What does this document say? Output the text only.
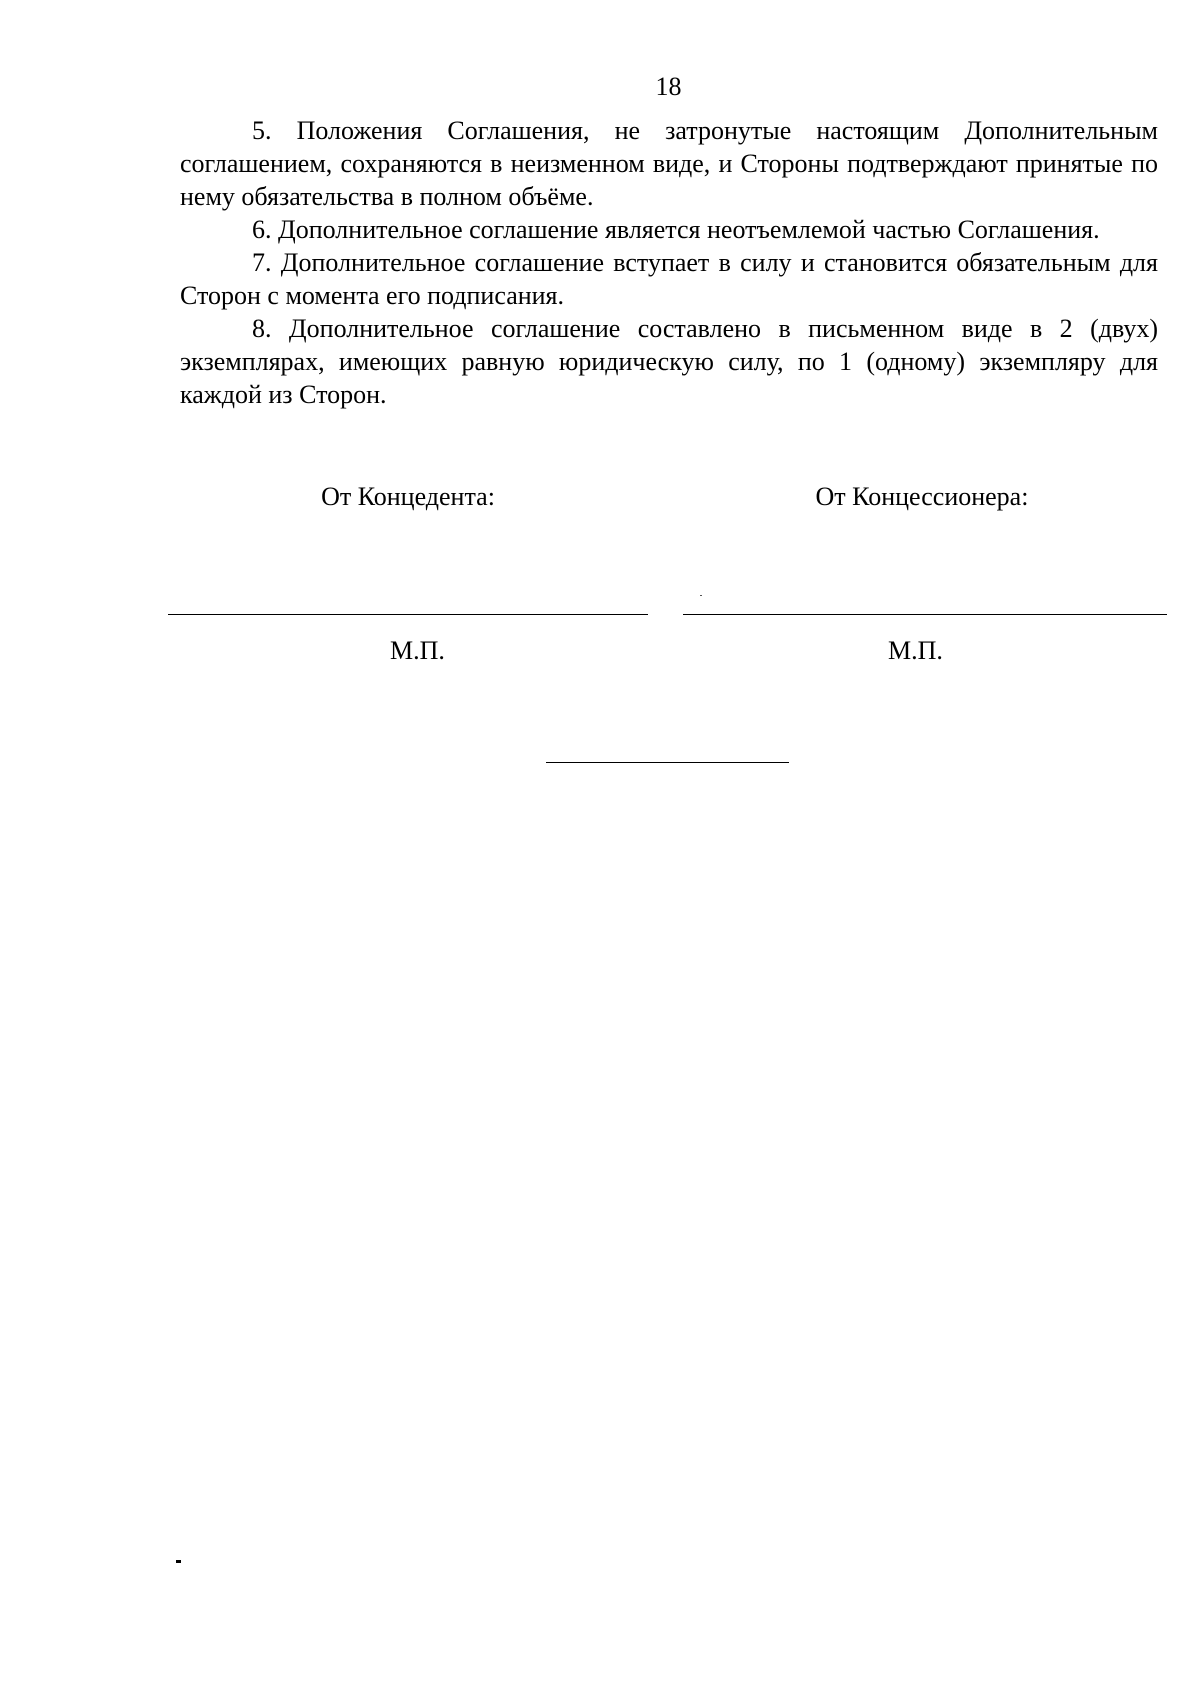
18

5. Положения Соглашения, не затронутые настоящим Дополнительным соглашением, сохраняются в неизменном виде, и Стороны подтверждают принятые по нему обязательства в полном объёме.

6. Дополнительное соглашение является неотъемлемой частью Соглашения.

7. Дополнительное соглашение вступает в силу и становится обязательным для Сторон с момента его подписания.

8. Дополнительное соглашение составлено в письменном виде в 2 (двух) экземплярах, имеющих равную юридическую силу, по 1 (одному) экземпляру для каждой из Сторон.

От Концедента:	От Концессионера:
М.П.	М.П.
